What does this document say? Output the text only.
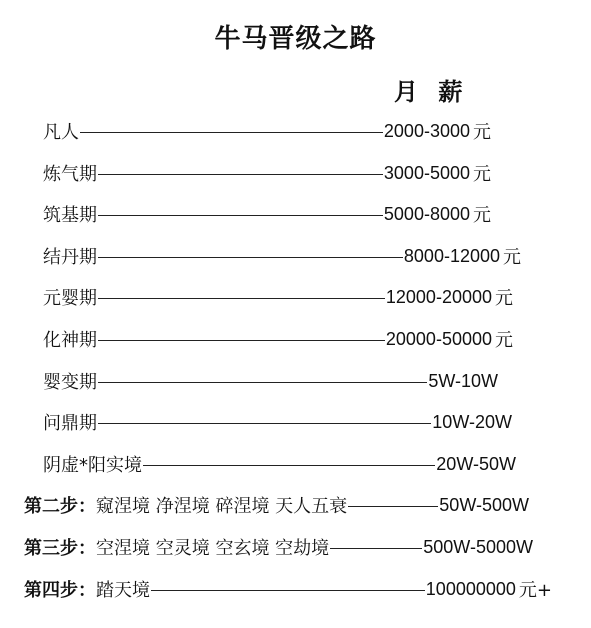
牛马晋级之路
月 薪
凡人	2000-3000 元
炼气期	3000-5000 元
筑基期	5000-8000 元
结丹期	8000-12000 元
元婴期	12000-20000 元
化神期	20000-50000 元
婴变期	5W-10W
问鼎期	10W-20W
阴虚*阳实境	20W-50W
第二步： 窥涅境 净涅境 碎涅境 天人五衰	50W-500W
第三步： 空涅境 空灵境 空玄境 空劫境	500W-5000W
第四步： 踏天境	100000000 元+
